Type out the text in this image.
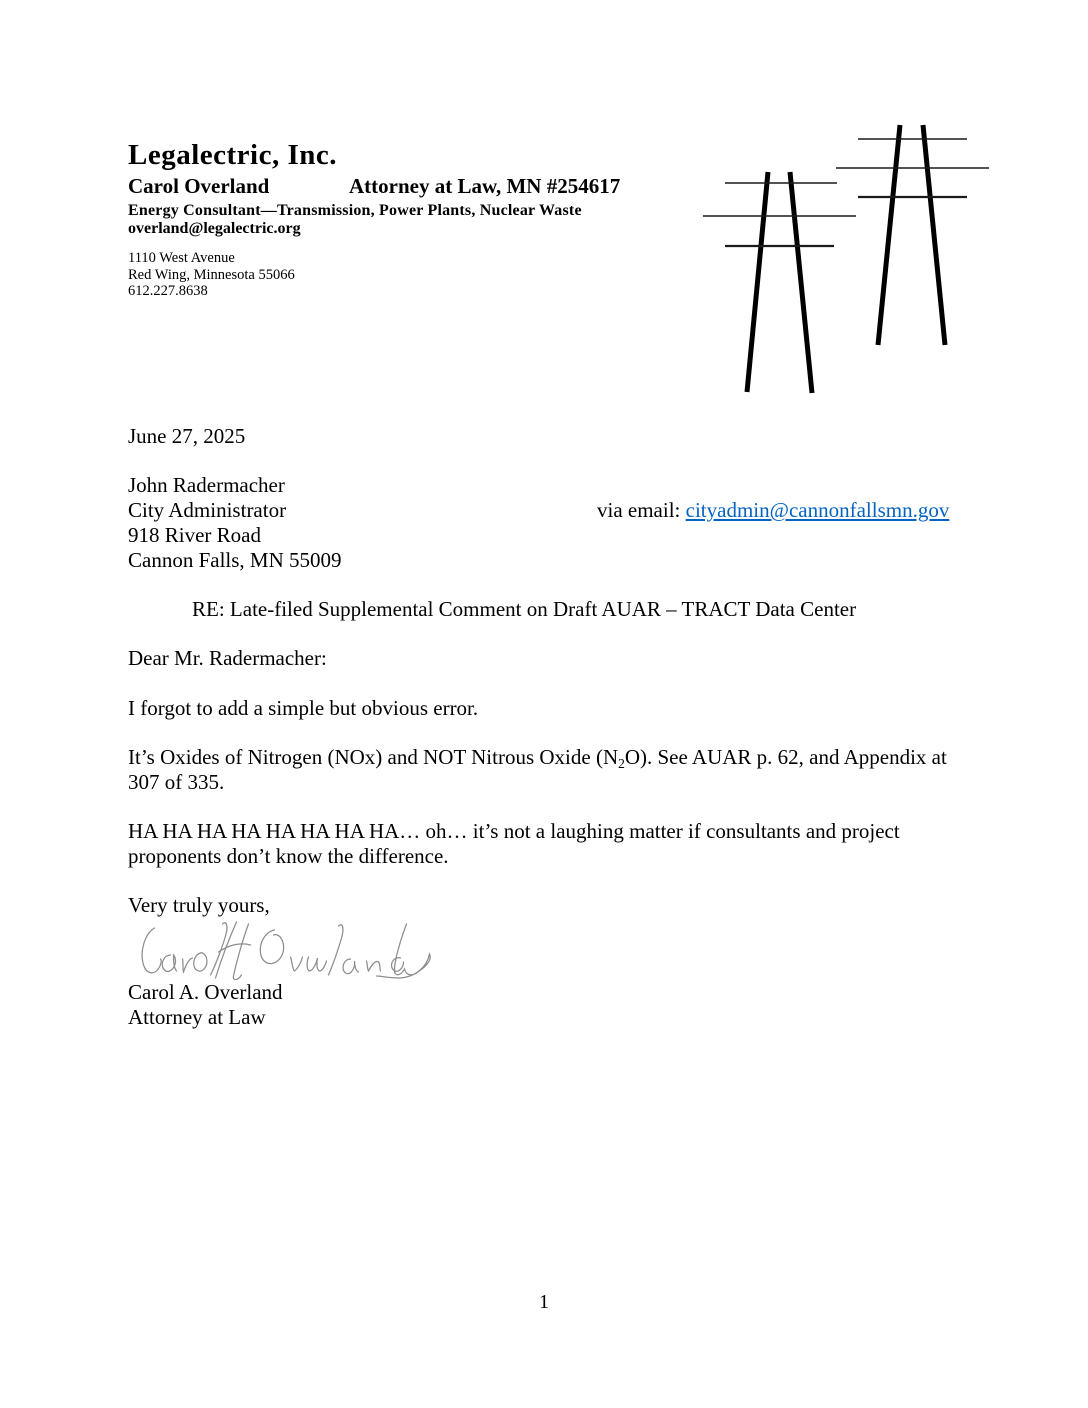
Legalectric, Inc.
Carol Overland	Attorney at Law, MN #254617
Energy Consultant—Transmission, Power Plants, Nuclear Waste
overland@legalectric.org
1110 West Avenue
Red Wing, Minnesota 55066
612.227.8638

June 27, 2025

John Radermacher
City Administrator	via email: cityadmin@cannonfallsmn.gov
918 River Road
Cannon Falls, MN 55009

RE: Late-filed Supplemental Comment on Draft AUAR – TRACT Data Center

Dear Mr. Radermacher:

I forgot to add a simple but obvious error.

It’s Oxides of Nitrogen (NOx) and NOT Nitrous Oxide $(N_2O)$. See AUAR p. 62, and Appendix at 307 of 335.

HA HA HA HA HA HA HA HA… oh… it’s not a laughing matter if consultants and project proponents don’t know the difference.

Very truly yours,

Carol A. Overland
Attorney at Law
1
